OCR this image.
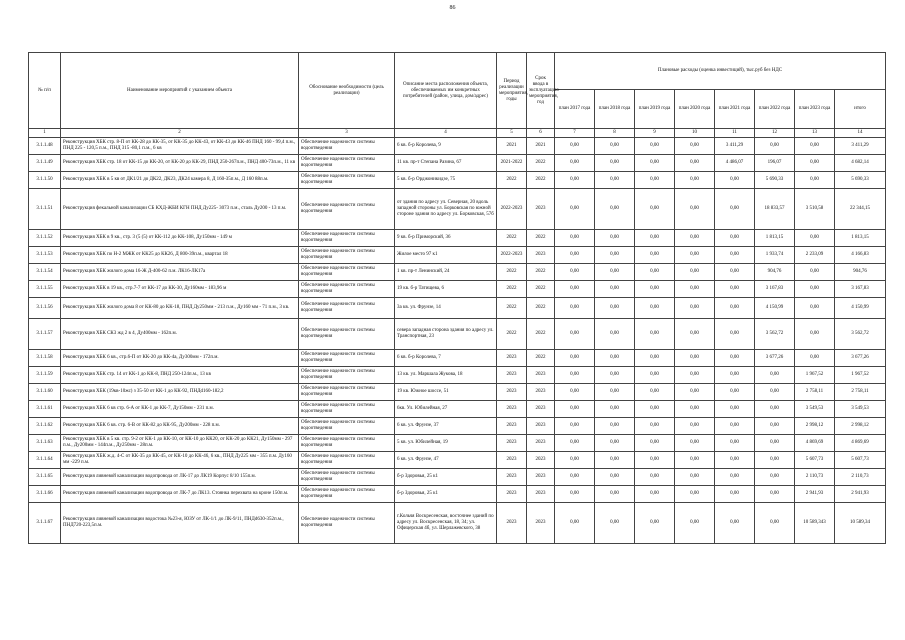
86
№ п/п	Наименование мероприятий с указанием объекта	Обоснование необходимости (цель реализации)	Описание места расположения объекта, обеспечиваемых им конкретных потребителей (район, улица, дом/адрес)	Период реализации мероприятия, годы	Срок ввода в эксплуатацию мероприятия, год	Плановые расходы (оценка инвестиций), тыс.руб без НДС							
						план 2017 года	план 2018 года	план 2019 года	план 2020 года	план 2021 года	план 2022 года	план 2023 года	итого
1	2	3	4	5	6	7	8	9	10	11	12	13	14
3.1.1.48	Реконструкция ХБК стр. 8-П от КК-28 до КК-35, от КК-35 до КК-43, от КК-43 до КК-46 ПНД 160 - 99,4 п.м., ПНД 225 - 120,5 п.м., ПНД 315 -80,1 п.м., 6 кв	Обеспечение надежности системы водоотведения	6 кв. б-р Королева, 9	2021	2021	0,00	0,00	0,00	0,00	3 411,29	0,00	0,00	3 411,29
3.1.1.49	Реконструкция ХБК стр. 18 от КК-15 до КК-20, от КК-20 до КК-29, ПНД 250-267п.м., ПНД 400-73п.м., 11 кв	Обеспечение надежности системы водоотведения	11 кв. пр-т Степана Разина, 67	2021-2022	2022	0,00	0,00	0,00	0,00	4 486,07	196,07	0,00	4 682,14
3.1.1.50	Реконструкция ХБК в 5 кв от ДК1/21 до ДК22, ДК23, ДК24 камера 8, Д 160-35п.м., Д 160 88п.м.	Обеспечение надежности системы водоотведения	5 кв. б-р Орджоникидзе, 75	2022	2022	0,00	0,00	0,00	0,00	0,00	5 690,33	0,00	5 690,33
3.1.1.51	Реконструкция фекальной канализации СБ КХД-ЖБИ КГН ПНД Ду225- 3073 п.м., сталь Ду200 - 13 п.м.	Обеспечение надежности системы водоотведения	от здания по адресу ул. Северная, 20 вдоль западной стороны ул. Борковская по южной стороне здания по адресу ул. Борковская, 57б	2022-2023	2023	0,00	0,00	0,00	0,00	0,00	18 833,57	3 510,58	22 344,15
3.1.1.52	Реконструкция ХБК в 9 кв., стр. 3 (5 (5) от КК-112 до КК-108, Ду150мм - 149 м	Обеспечение надежности системы водоотведения	9 кв. б-р Приморский, 36	2022	2022	0,00	0,00	0,00	0,00	0,00	1 813,15	0,00	1 813,15
3.1.1.53	Реконструкция ХБК по Н-2 МЖК от КК25 до КК26, Д 800-39п.м., квартал 18	Обеспечение надежности системы водоотведения	Жилое место 97 к1	2022-2023	2023	0,00	0,00	0,00	0,00	0,00	1 933,74	2 233,09	4 166,83
3.1.1.54	Реконструкция ХБК жилого дома 16-Ж Д-400-62 п.м. ЛК16-ЛК17а	Обеспечение надежности системы водоотведения	1 кв. пр-т Ленинский, 24	2022	2022	0,00	0,00	0,00	0,00	0,00	904,76	0,00	904,76
3.1.1.55	Реконструкция ХБК в 19 кв., стр.7-7 от КК-17 до КК-30, Ду160мм - 183,96 м	Обеспечение надежности системы водоотведения	19 кв. б-р Татищева, 6	2022	2022	0,00	0,00	0,00	0,00	0,00	3 167,83	0,00	3 167,83
3.1.1.56	Реконструкция ХБК жилого дома 8 от КК-80 до КК-18, ПНД Ду250мм - 213 п.м., Ду160 мм - 71 п.м., 3 кв.	Обеспечение надежности системы водоотведения	3а кв. ул. Фрунзе, 14	2022	2022	0,00	0,00	0,00	0,00	0,00	4 150,99	0,00	4 150,99
3.1.1.57	Реконструкция ХБК СК3 жд 2 в 4, Ду400мм - 162п.м.	Обеспечение надежности системы водоотведения	севера западная сторона здания по адресу ул. Транспортная, 23	2022	2022	0,00	0,00	0,00	0,00	0,00	3 562,72	0,00	3 562,72
3.1.1.58	Реконструкция ХБК 6 кв., стр.6-П от КК-20 до КК-4а, Ду300мм - 172п.м.	Обеспечение надежности системы водоотведения	6 кв. б-р Королева, 7	2023	2022	0,00	0,00	0,00	0,00	0,00	3 677,26	0,00	3 677,26
3.1.1.59	Реконструкция ХБК стр. 14 от КК-1 до КК-8, ПНД 250-124п.м., 13 кв	Обеспечение надежности системы водоотведения	13 кв. ул. Маршала Жукова, 18	2023	2023	0,00	0,00	0,00	0,00	0,00	0,00	1 967,52	1 967,52
3.1.1.60	Реконструкция ХБК (19кв-10жс) з 35-50 от КК-1 до КК-92, ПНДd160-182,2	Обеспечение надежности системы водоотведения	19 кв. Южное шоссе, 51	2023	2023	0,00	0,00	0,00	0,00	0,00	0,00	2 758,11	2 758,11
3.1.1.61	Реконструкция ХБК 6 кв стр. 6-А от КК-1 до КК-7, Ду150мм - 231 п.м.	Обеспечение надежности системы водоотведения	6кв. Ул. Юбилейная, 27	2023	2023	0,00	0,00	0,00	0,00	0,00	0,00	3 549,53	3 549,53
3.1.1.62	Реконструкция ХБК 6 кв. стр. 6-В от КК-82 до КК-95, Ду200мм - 228 п.м.	Обеспечение надежности системы водоотведения	6 кв. ул. Фрунзе, 37	2023	2023	0,00	0,00	0,00	0,00	0,00	0,00	2 998,12	2 998,12
3.1.1.63	Реконструкция ХБК в 5 кв. стр. 9-2 от КК-1 до КК-10, от КК-10 до КК20, от КК-20 до КК21, Ду150мм - 297 п.м., Ду200мм - 144п.м., Ду250мм - 28п.м.	Обеспечение надежности системы водоотведения	5 кв. ул. Юбилейная, 19	2023	2023	0,00	0,00	0,00	0,00	0,00	0,00	4 869,69	4 869,69
3.1.1.64	Реконструкция ХБК ж.д. 4-С от КК-35 до КК-45, от КК-10 до КК-46, 6 кв., ПНД Ду225 мм - 355 п.м. Ду160 мм -229 п.м.	Обеспечение надежности системы водоотведения	6 кв. ул. Фрунзе, 47	2023	2023	0,00	0,00	0,00	0,00	0,00	0,00	5 607,73	5 607,73
3.1.1.65	Реконструкция ливневой канализации водопровода от ЛК-17 до ЛК19 Корпус 8/10 155п.м.	Обеспечение надежности системы водоотведения	б-р Здоровья, 25 к1	2023	2023	0,00	0,00	0,00	0,00	0,00	0,00	2 110,73	2 110,73
3.1.1.66	Реконструкция ливневой канализации водопровода от ЛК-7 до ЛК13. Стоянка перехвата на кроне 150п.м.	Обеспечение надежности системы водоотведения	б-р Здоровья, 25 к1	2023	2023	0,00	0,00	0,00	0,00	0,00	0,00	2 941,93	2 941,93
3.1.1.67	Реконструкция ливневой канализации водостока №23-я, ЮЗУ от ЛК-1/1 до ЛК-9/11, ПНДd630-352п.м., ПНД720-223,5п.м.	Обеспечение надежности системы водоотведения	г.Кольчя Воскресенская, восточнее зданий по адресу ул. Воскресенская, 18, 34; ул. Офицерская 4б, ул. Шерлажевского, 38	2023	2023	0,00	0,00	0,00	0,00	0,00	0,00	10 589,343	10 589,34
